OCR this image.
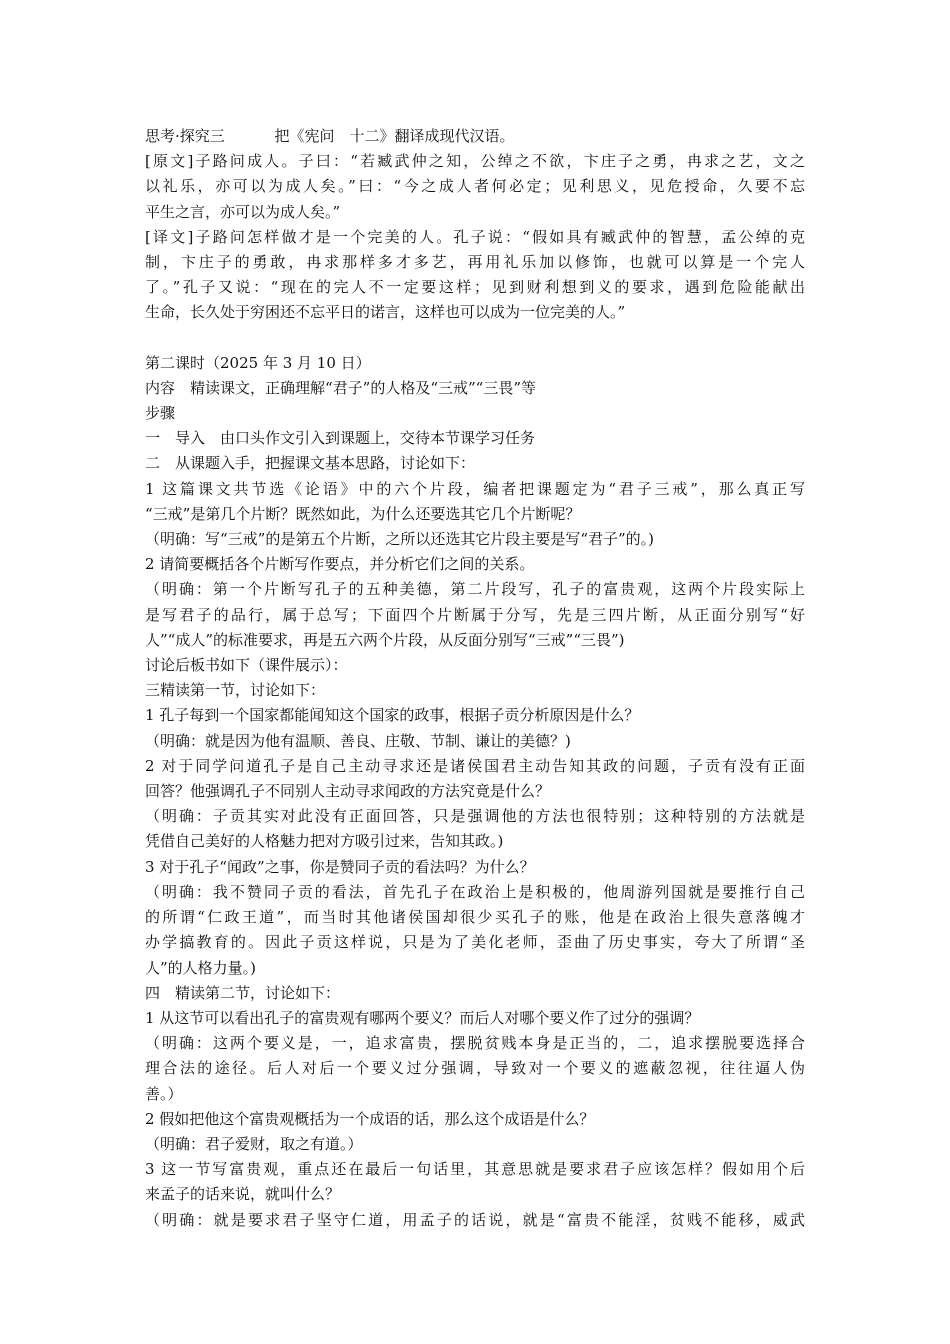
思考·探究三 　　　把《宪问　十二》翻译成现代汉语。
[原文]子路问成人。子曰：“若臧武仲之知，公绰之不欲，卞庄子之勇，冉求之艺，文之
以礼乐，亦可以为成人矣。”曰：“今之成人者何必定；见利思义，见危授命，久要不忘
平生之言，亦可以为成人矣。”
[译文]子路问怎样做才是一个完美的人。孔子说：“假如具有臧武仲的智慧，孟公绰的克
制，卞庄子的勇敢，冉求那样多才多艺，再用礼乐加以修饰，也就可以算是一个完人
了。”孔子又说：“现在的完人不一定要这样；见到财利想到义的要求，遇到危险能献出
生命，长久处于穷困还不忘平日的诺言，这样也可以成为一位完美的人。”
第二课时（2025 年 3 月 10 日）
内容　精读课文，正确理解“君子”的人格及“三戒”“三畏”等
步骤
一　导入　由口头作文引入到课题上，交待本节课学习任务
二　从课题入手，把握课文基本思路，讨论如下：
1 这篇课文共节选《论语》中的六个片段，编者把课题定为“君子三戒”，那么真正写
“三戒”是第几个片断？既然如此，为什么还要选其它几个片断呢？
（明确：写“三戒”的是第五个片断，之所以还选其它片段主要是写“君子”的。)
2 请简要概括各个片断写作要点，并分析它们之间的关系。
（明确：第一个片断写孔子的五种美德，第二片段写，孔子的富贵观，这两个片段实际上
是写君子的品行，属于总写；下面四个片断属于分写，先是三四片断，从正面分别写“好
人”“成人”的标准要求，再是五六两个片段，从反面分别写“三戒”“三畏”)
讨论后板书如下（课件展示）：
三精读第一节，讨论如下：
1 孔子每到一个国家都能闻知这个国家的政事，根据子贡分析原因是什么？
（明确：就是因为他有温顺、善良、庄敬、节制、谦让的美德？)
2 对于同学问道孔子是自己主动寻求还是诸侯国君主动告知其政的问题，子贡有没有正面
回答？他强调孔子不同别人主动寻求闻政的方法究竟是什么？
（明确：子贡其实对此没有正面回答，只是强调他的方法也很特别；这种特别的方法就是
凭借自己美好的人格魅力把对方吸引过来，告知其政。)
3 对于孔子“闻政”之事，你是赞同子贡的看法吗？为什么？
（明确：我不赞同子贡的看法，首先孔子在政治上是积极的，他周游列国就是要推行自己
的所谓“仁政王道”，而当时其他诸侯国却很少买孔子的账，他是在政治上很失意落魄才
办学搞教育的。因此子贡这样说，只是为了美化老师，歪曲了历史事实，夸大了所谓“圣
人”的人格力量。)
四　精读第二节，讨论如下：
1 从这节可以看出孔子的富贵观有哪两个要义？而后人对哪个要义作了过分的强调？
（明确：这两个要义是，一，追求富贵，摆脱贫贱本身是正当的，二，追求摆脱要选择合
理合法的途径。后人对后一个要义过分强调，导致对一个要义的遮蔽忽视，往往逼人伪
善。）
2 假如把他这个富贵观概括为一个成语的话，那么这个成语是什么？
（明确：君子爱财，取之有道。）
3 这一节写富贵观，重点还在最后一句话里，其意思就是要求君子应该怎样？假如用个后
来孟子的话来说，就叫什么？
（明确：就是要求君子坚守仁道，用孟子的话说，就是“富贵不能淫，贫贱不能移，威武
